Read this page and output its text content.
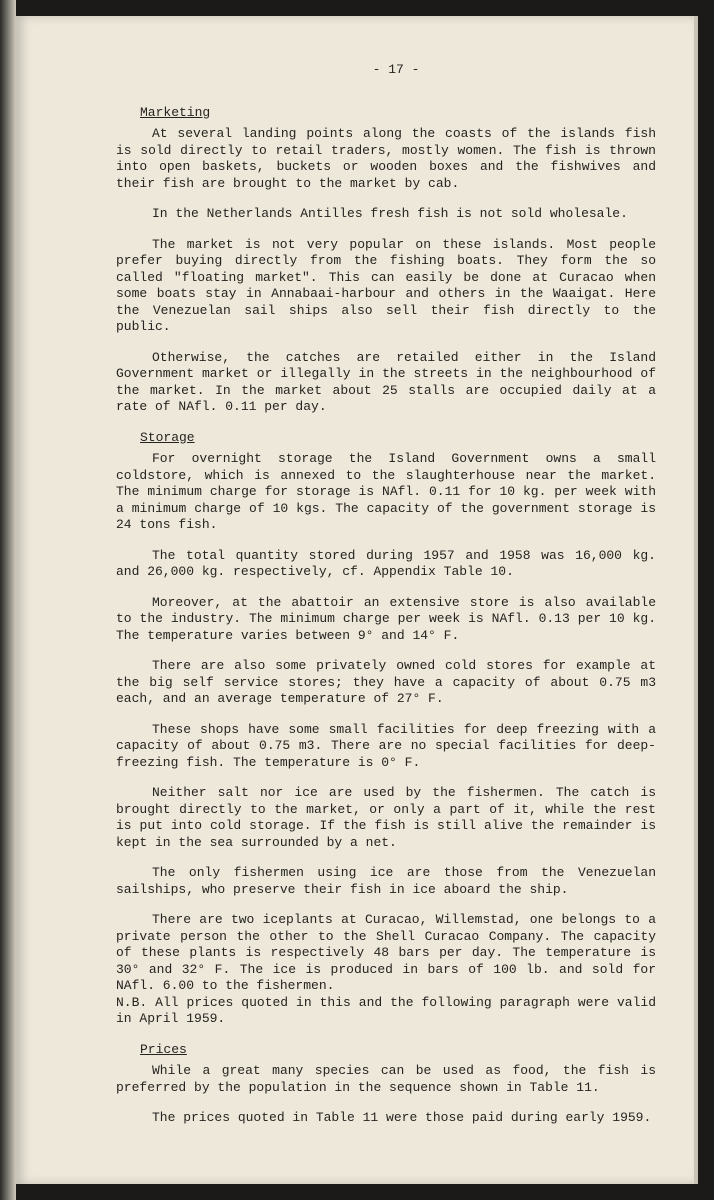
- 17 -
Marketing

At several landing points along the coasts of the islands fish is sold directly to retail traders, mostly women. The fish is thrown into open baskets, buckets or wooden boxes and the fishwives and their fish are brought to the market by cab.

In the Netherlands Antilles fresh fish is not sold wholesale.

The market is not very popular on these islands. Most people prefer buying directly from the fishing boats. They form the so called "floating market". This can easily be done at Curacao when some boats stay in Annabaai-harbour and others in the Waaigat. Here the Venezuelan sail ships also sell their fish directly to the public.

Otherwise, the catches are retailed either in the Island Government market or illegally in the streets in the neighbourhood of the market. In the market about 25 stalls are occupied daily at a rate of NAfl. 0.11 per day.

Storage

For overnight storage the Island Government owns a small coldstore, which is annexed to the slaughterhouse near the market. The minimum charge for storage is NAfl. 0.11 for 10 kg. per week with a minimum charge of 10 kgs. The capacity of the government storage is 24 tons fish.

The total quantity stored during 1957 and 1958 was 16,000 kg. and 26,000 kg. respectively, cf. Appendix Table 10.

Moreover, at the abattoir an extensive store is also available to the industry. The minimum charge per week is NAfl. 0.13 per 10 kg. The temperature varies between 9° and 14° F.

There are also some privately owned cold stores for example at the big self service stores; they have a capacity of about 0.75 m3 each, and an average temperature of 27° F.

These shops have some small facilities for deep freezing with a capacity of about 0.75 m3. There are no special facilities for deep-freezing fish. The temperature is 0° F.

Neither salt nor ice are used by the fishermen. The catch is brought directly to the market, or only a part of it, while the rest is put into cold storage. If the fish is still alive the remainder is kept in the sea surrounded by a net.

The only fishermen using ice are those from the Venezuelan sailships, who preserve their fish in ice aboard the ship.

There are two iceplants at Curacao, Willemstad, one belongs to a private person the other to the Shell Curacao Company. The capacity of these plants is respectively 48 bars per day. The temperature is 30° and 32° F. The ice is produced in bars of 100 lb. and sold for NAfl. 6.00 to the fishermen.

N.B. All prices quoted in this and the following paragraph were valid in April 1959.

Prices

While a great many species can be used as food, the fish is preferred by the population in the sequence shown in Table 11.

The prices quoted in Table 11 were those paid during early 1959.
